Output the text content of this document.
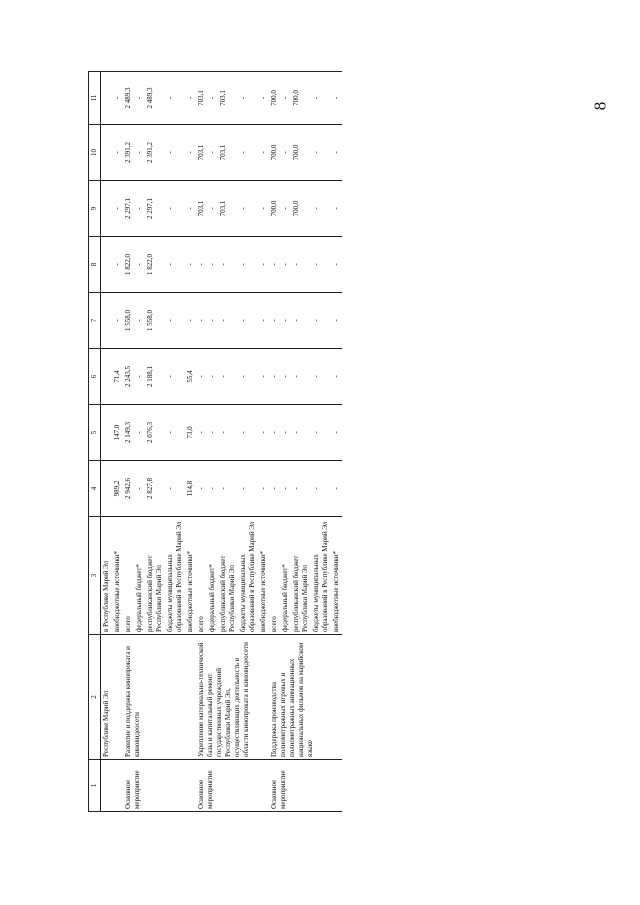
8
1	2	3	4	5	6	7	8	9	10	11
	Республике Марий Эл	в Республике Марий Эл								
		внебюджетные источники*	989,2	147,0	71,4	-	-	-	-	-
Основное мероприятие	Развитие и поддержка кинопроката и киновидеосети	всего	2 942,6	2 149,3	2 243,5	1 558,0	1 822,0	2 297,1	2 391,2	2 489,3
		федеральный бюджет*	-	-	-	-	-	-	-	-
		республиканский бюджет Республики Марий Эл	2 827,8	2 076,3	2 188,1	1 558,0	1 822,0	2 297,1	2 391,2	2 489,3
		бюджеты муниципальных образований в Республике Марий Эл	-	-	-	-	-	-	-	-
		внебюджетные источники*	114,8	73,0	55,4	-	-	-	-	-
Основное мероприятие	Укрепление материально-технической базы и капитальный ремонт государственных учреждений Республики Марий Эл, осуществляющих деятельность в области кинопроката и киновидеосети	всего	-	-	-	-	-	703,1	703,1	703,1
		федеральный бюджет*	-	-	-	-	-	-	-	-
		республиканский бюджет Республики Марий Эл	-	-	-	-	-	703,1	703,1	703,1
		бюджеты муниципальных образований в Республике Марий Эл	-	-	-	-	-	-	-	-
		внебюджетные источники*	-	-	-	-	-	-	-	-
Основное мероприятие	Поддержка производства полнометражных игровых и полнометражных анимационных национальных фильмов на марийском языке	всего	-	-	-	-	-	700,0	700,0	700,0
		федеральный бюджет*	-	-	-	-	-	-	-	-
		республиканский бюджет Республики Марий Эл	-	-	-	-	-	700,0	700,0	700,0
		бюджеты муниципальных образований в Республике Марий Эл	-	-	-	-	-	-	-	-
		внебюджетные источники*	-	-	-	-	-	-	-	-
